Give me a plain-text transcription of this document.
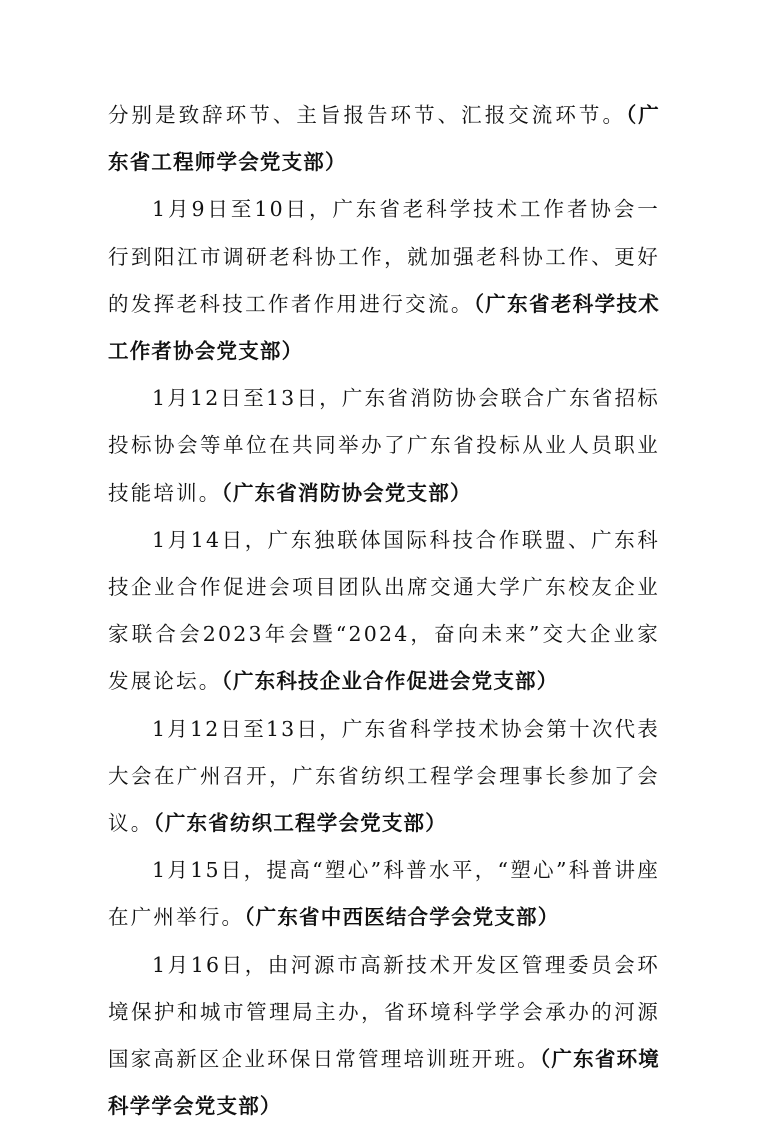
分别是致辞环节、主旨报告环节、汇报交流环节。（广东省工程师学会党支部）

1月9日至10日，广东省老科学技术工作者协会一行到阳江市调研老科协工作，就加强老科协工作、更好的发挥老科技工作者作用进行交流。（广东省老科学技术工作者协会党支部）

1月12日至13日，广东省消防协会联合广东省招标投标协会等单位在共同举办了广东省投标从业人员职业技能培训。（广东省消防协会党支部）

1月14日，广东独联体国际科技合作联盟、广东科技企业合作促进会项目团队出席交通大学广东校友企业家联合会2023年会暨“2024，奋向未来”交大企业家发展论坛。（广东科技企业合作促进会党支部）

1月12日至13日，广东省科学技术协会第十次代表大会在广州召开，广东省纺织工程学会理事长参加了会议。（广东省纺织工程学会党支部）

1月15日，提高“塑心”科普水平，“塑心”科普讲座在广州举行。（广东省中西医结合学会党支部）

1月16日，由河源市高新技术开发区管理委员会环境保护和城市管理局主办，省环境科学学会承办的河源国家高新区企业环保日常管理培训班开班。（广东省环境科学学会党支部）
